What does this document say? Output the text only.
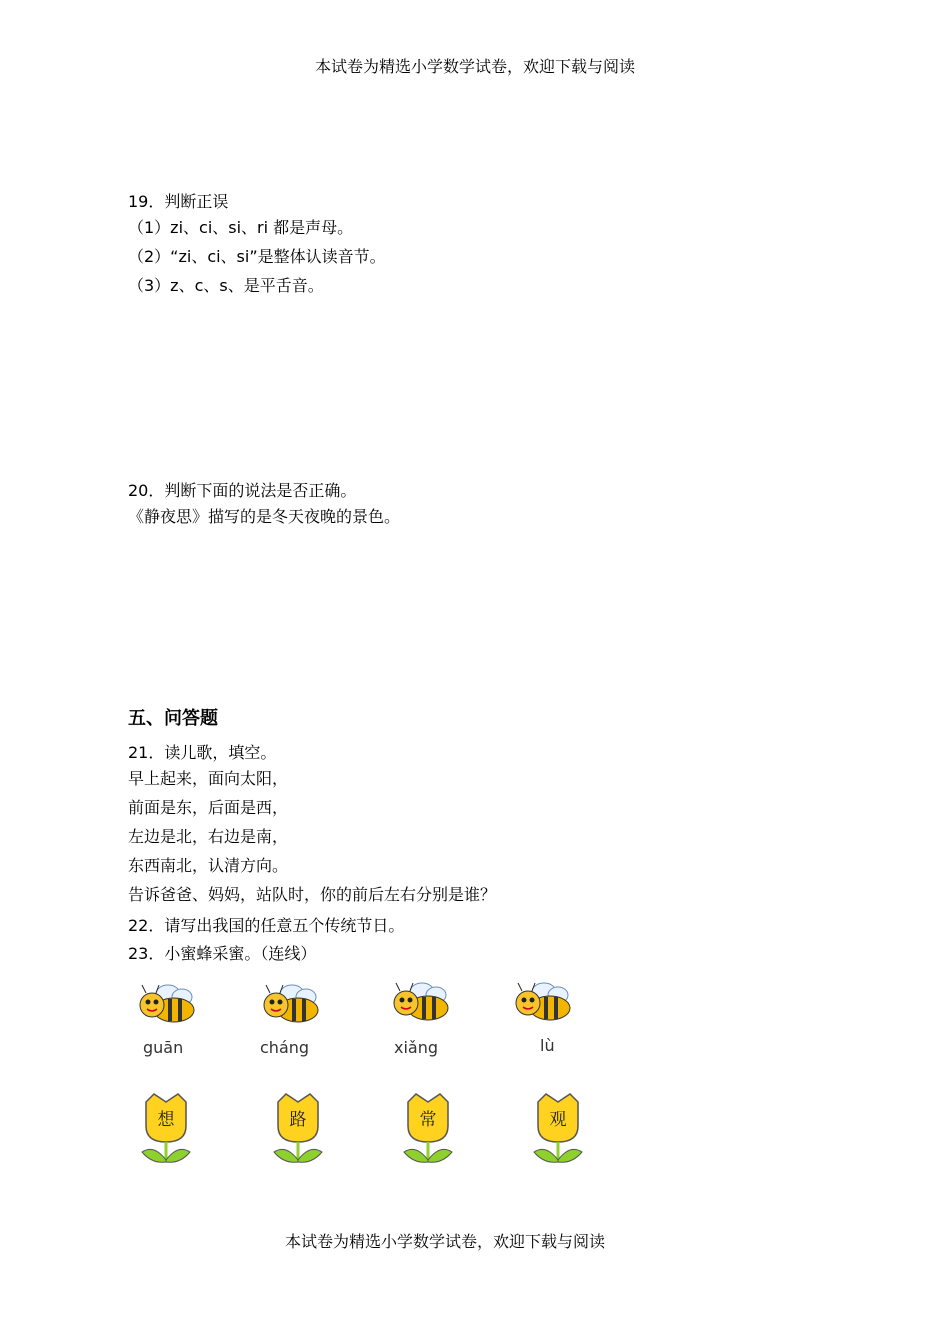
本试卷为精选小学数学试卷，欢迎下载与阅读
19．判断正误
（1）zi、ci、si、ri 都是声母。
（2）“zi、ci、si”是整体认读音节。
（3）z、c、s、是平舌音。
20．判断下面的说法是否正确。
《静夜思》描写的是冬天夜晚的景色。
五、问答题
21．读儿歌，填空。
早上起来，面向太阳，
前面是东，后面是西，
左边是北，右边是南，
东西南北，认清方向。
告诉爸爸、妈妈，站队时，你的前后左右分别是谁？
22．请写出我国的任意五个传统节日。
23．小蜜蜂采蜜。（连线）
guān	cháng	xiǎng	lù
想	路	常	观
本试卷为精选小学数学试卷，欢迎下载与阅读
